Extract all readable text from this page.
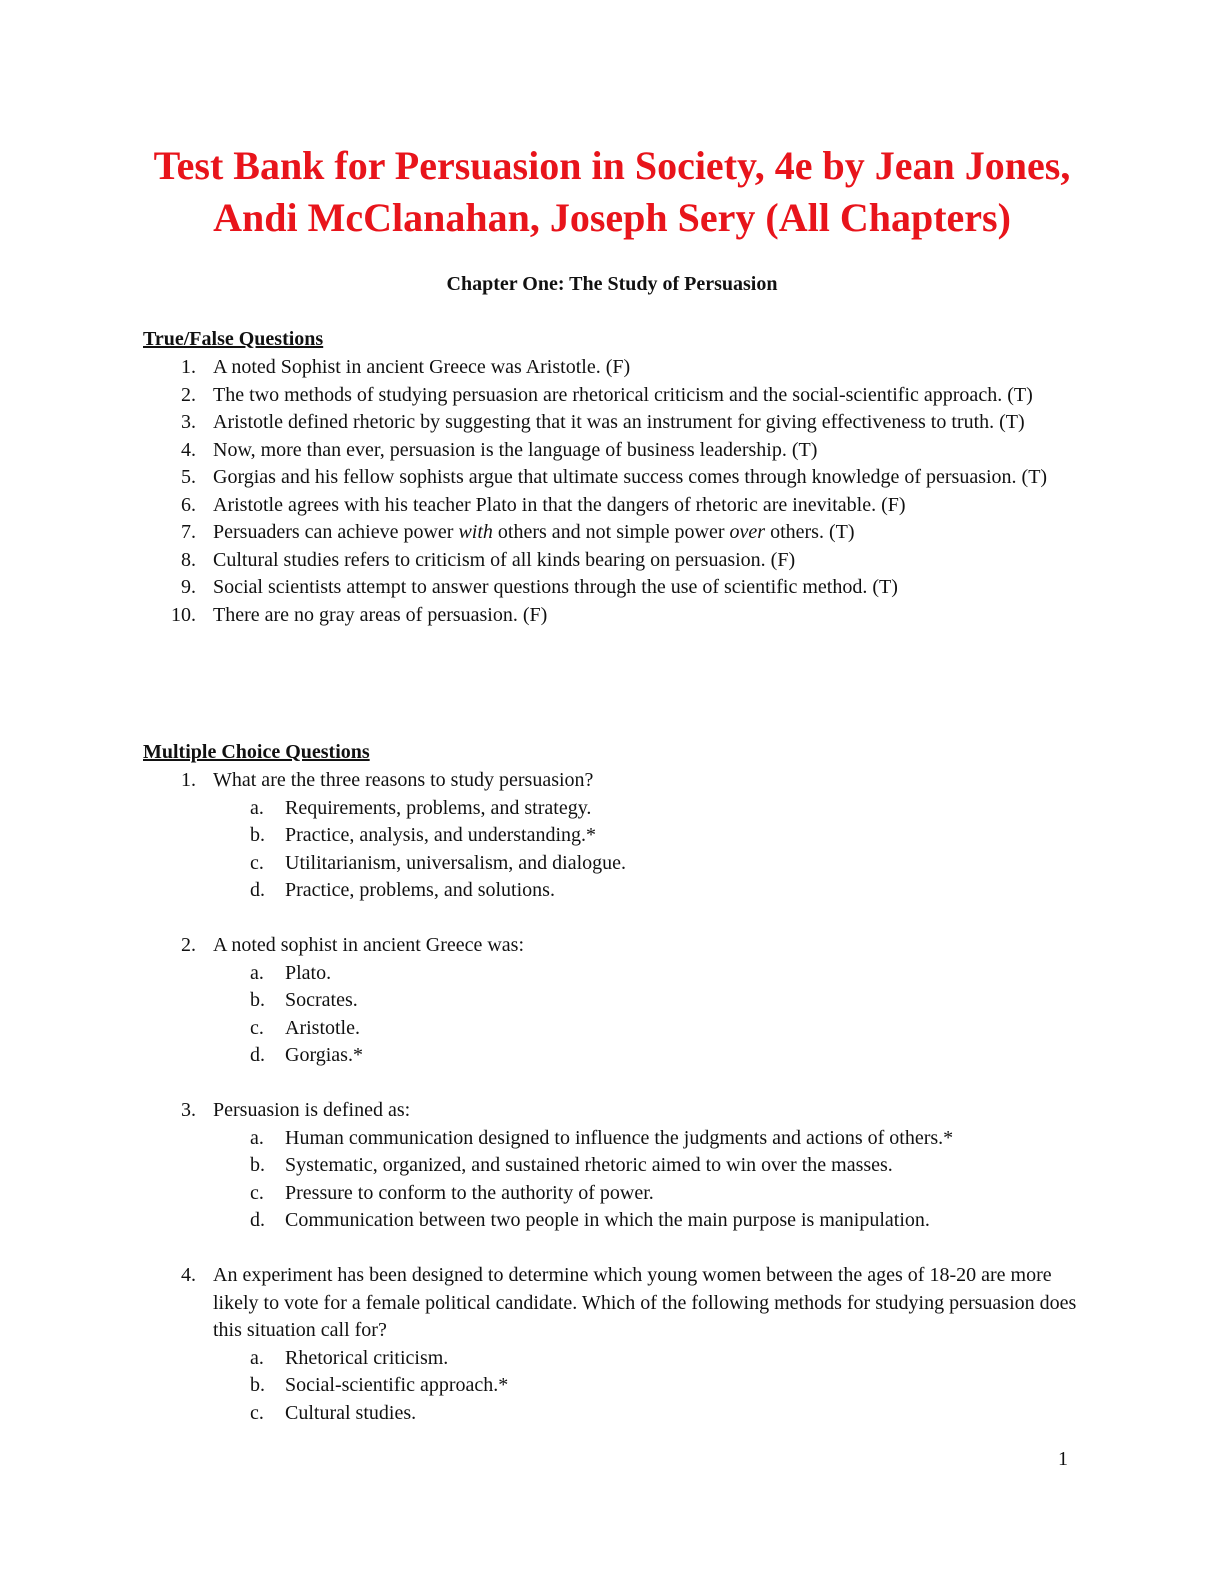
Test Bank for Persuasion in Society, 4e by Jean Jones,
Andi McClanahan, Joseph Sery (All Chapters)
Chapter One: The Study of Persuasion
True/False Questions
1. A noted Sophist in ancient Greece was Aristotle. (F)
2. The two methods of studying persuasion are rhetorical criticism and the social-scientific approach. (T)
3. Aristotle defined rhetoric by suggesting that it was an instrument for giving effectiveness to truth. (T)
4. Now, more than ever, persuasion is the language of business leadership. (T)
5. Gorgias and his fellow sophists argue that ultimate success comes through knowledge of persuasion. (T)
6. Aristotle agrees with his teacher Plato in that the dangers of rhetoric are inevitable. (F)
7. Persuaders can achieve power with others and not simple power over others. (T)
8. Cultural studies refers to criticism of all kinds bearing on persuasion. (F)
9. Social scientists attempt to answer questions through the use of scientific method. (T)
10. There are no gray areas of persuasion. (F)
Multiple Choice Questions
1. What are the three reasons to study persuasion?
a. Requirements, problems, and strategy.
b. Practice, analysis, and understanding.*
c. Utilitarianism, universalism, and dialogue.
d. Practice, problems, and solutions.
2. A noted sophist in ancient Greece was:
a. Plato.
b. Socrates.
c. Aristotle.
d. Gorgias.*
3. Persuasion is defined as:
a. Human communication designed to influence the judgments and actions of others.*
b. Systematic, organized, and sustained rhetoric aimed to win over the masses.
c. Pressure to conform to the authority of power.
d. Communication between two people in which the main purpose is manipulation.
4. An experiment has been designed to determine which young women between the ages of 18-20 are more likely to vote for a female political candidate. Which of the following methods for studying persuasion does this situation call for?
a. Rhetorical criticism.
b. Social-scientific approach.*
c. Cultural studies.
1
